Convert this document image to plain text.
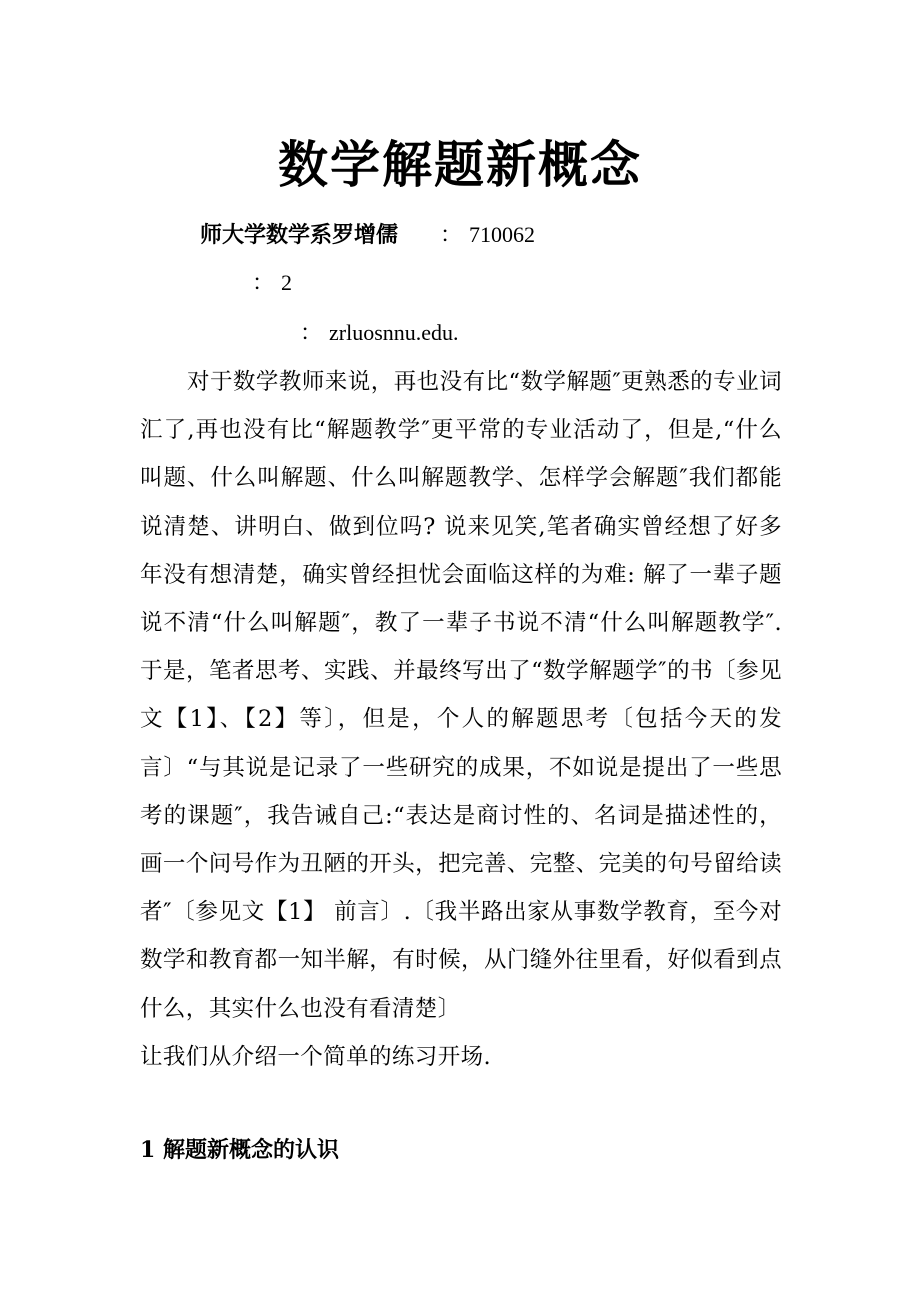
数学解题新概念
师大学数学系罗增儒 ： 710062
： 2
： zrluosnnu.edu.

对于数学教师来说，再也没有比“数学解题″更熟悉的专业词汇了,再也没有比“解题教学″更平常的专业活动了，但是,“什么叫题、什么叫解题、什么叫解题教学、怎样学会解题″我们都能说清楚、讲明白、做到位吗? 说来见笑,笔者确实曾经想了好多年没有想清楚，确实曾经担忧会面临这样的为难: 解了一辈子题说不清“什么叫解题″，教了一辈子书说不清“什么叫解题教学″. 于是，笔者思考、实践、并最终写出了“数学解题学″的书〔参见文【1】、【2】等〕，但是，个人的解题思考〔包括今天的发言〕“与其说是记录了一些研究的成果，不如说是提出了一些思考的课题″，我告诫自己:“表达是商讨性的、名词是描述性的，画一个问号作为丑陋的开头，把完善、完整、完美的句号留给读者″〔参见文【1】 前言〕.〔我半路出家从事数学教育，至今对数学和教育都一知半解，有时候，从门缝外往里看，好似看到点什么，其实什么也没有看清楚〕

让我们从介绍一个简单的练习开场.

1 解题新概念的认识
